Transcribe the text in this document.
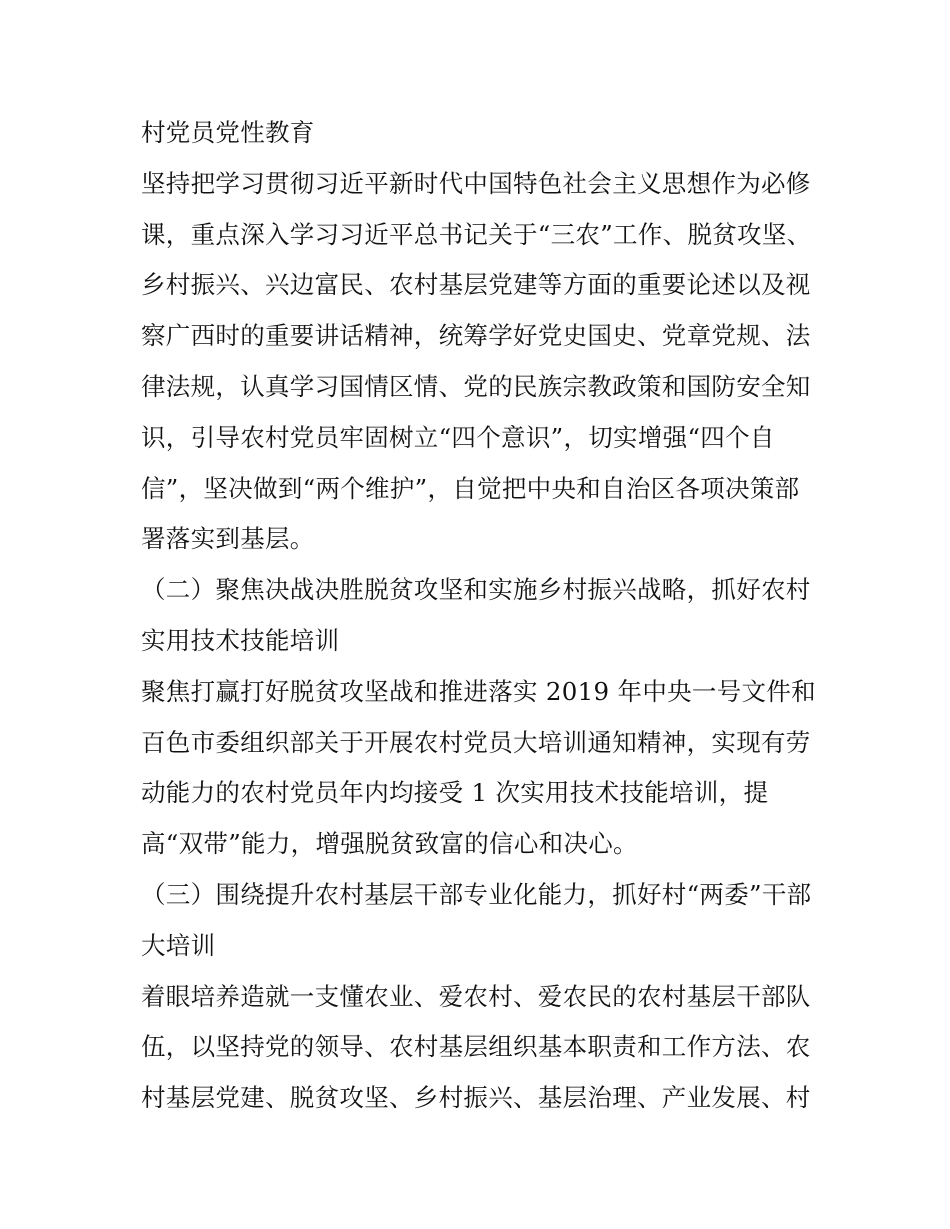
村党员党性教育
坚持把学习贯彻习近平新时代中国特色社会主义思想作为必修
课，重点深入学习习近平总书记关于“三农”工作、脱贫攻坚、
乡村振兴、兴边富民、农村基层党建等方面的重要论述以及视
察广西时的重要讲话精神，统筹学好党史国史、党章党规、法
律法规，认真学习国情区情、党的民族宗教政策和国防安全知
识，引导农村党员牢固树立“四个意识”，切实增强“四个自
信”，坚决做到“两个维护”，自觉把中央和自治区各项决策部
署落实到基层。
（二）聚焦决战决胜脱贫攻坚和实施乡村振兴战略，抓好农村
实用技术技能培训
聚焦打赢打好脱贫攻坚战和推进落实 2019 年中央一号文件和
百色市委组织部关于开展农村党员大培训通知精神，实现有劳
动能力的农村党员年内均接受 1 次实用技术技能培训，提
高“双带”能力，增强脱贫致富的信心和决心。
（三）围绕提升农村基层干部专业化能力，抓好村“两委”干部
大培训
着眼培养造就一支懂农业、爱农村、爱农民的农村基层干部队
伍，以坚持党的领导、农村基层组织基本职责和工作方法、农
村基层党建、脱贫攻坚、乡村振兴、基层治理、产业发展、村
